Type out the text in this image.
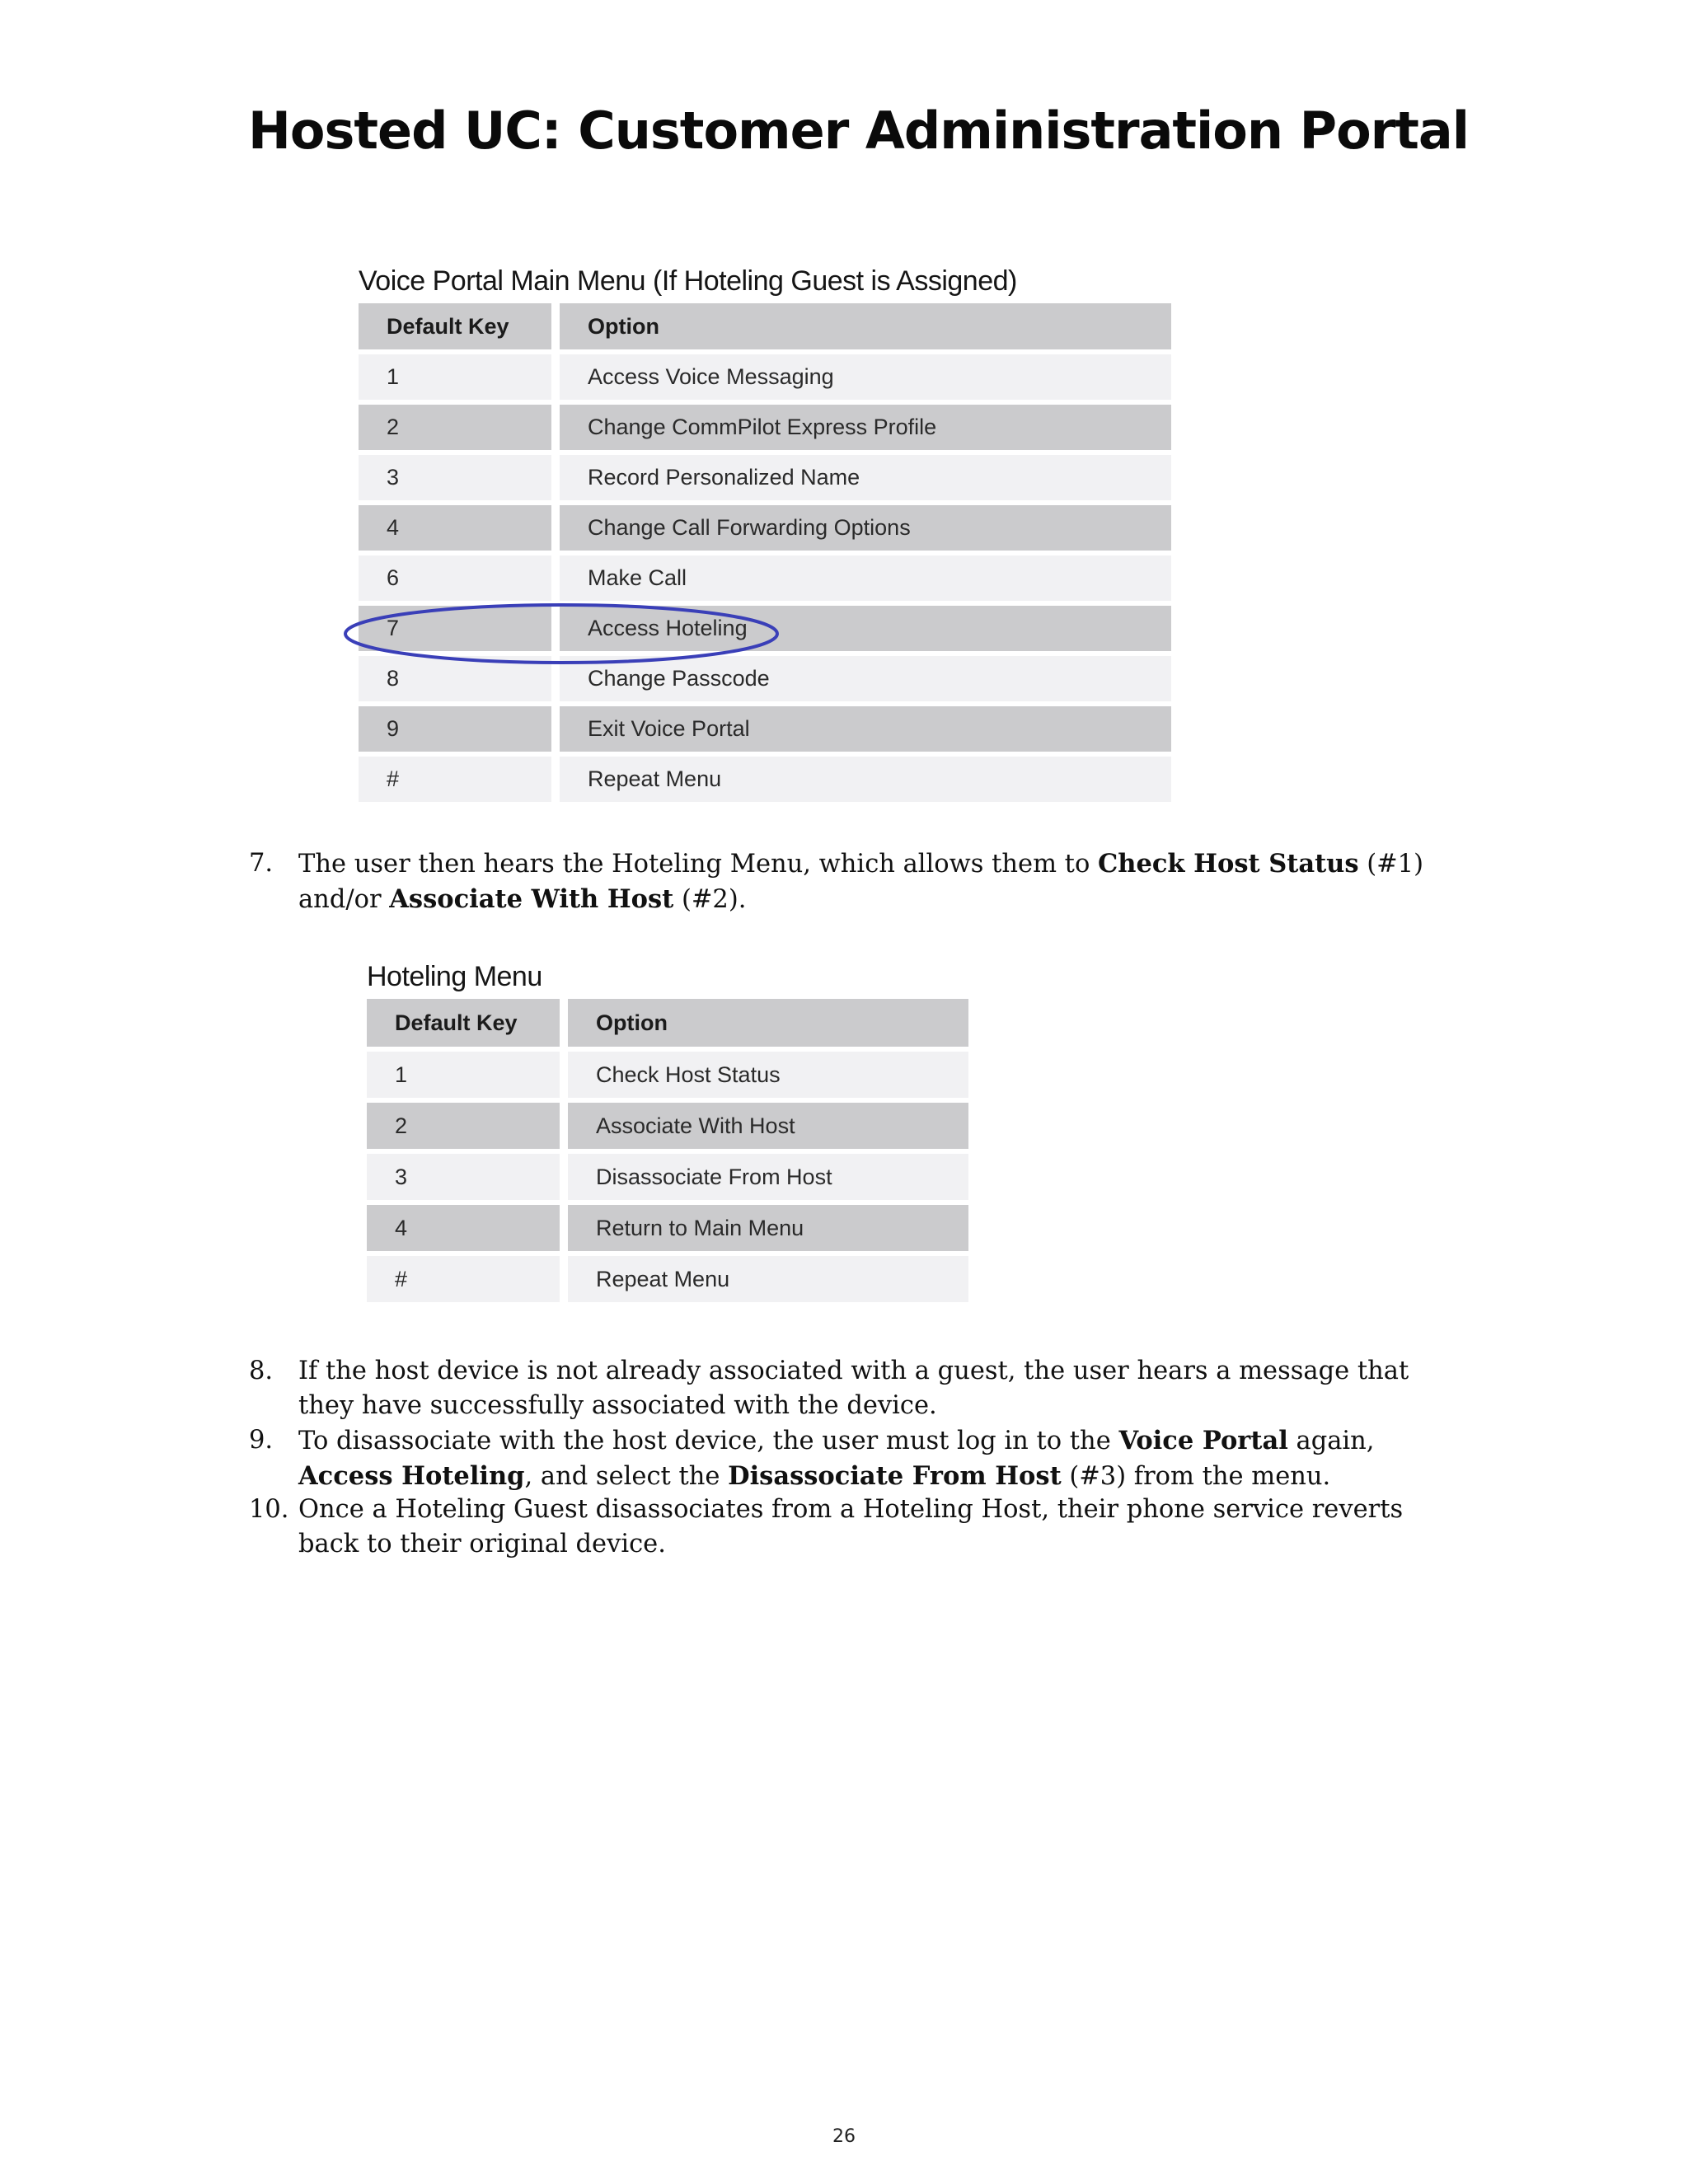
Hosted UC: Customer Administration Portal
Voice Portal Main Menu (If Hoteling Guest is Assigned)
Default Key	Option
1	Access Voice Messaging
2	Change CommPilot Express Profile
3	Record Personalized Name
4	Change Call Forwarding Options
6	Make Call
7	Access Hoteling
8	Change Passcode
9	Exit Voice Portal
#	Repeat Menu
7.	The user then hears the Hoteling Menu, which allows them to Check Host Status (#1) and/or Associate With Host (#2).
Hoteling Menu
Default Key	Option
1	Check Host Status
2	Associate With Host
3	Disassociate From Host
4	Return to Main Menu
#	Repeat Menu
8.	If the host device is not already associated with a guest, the user hears a message that they have successfully associated with the device.
9.	To disassociate with the host device, the user must log in to the Voice Portal again, Access Hoteling, and select the Disassociate From Host (#3) from the menu.
10. Once a Hoteling Guest disassociates from a Hoteling Host, their phone service reverts back to their original device.
26
